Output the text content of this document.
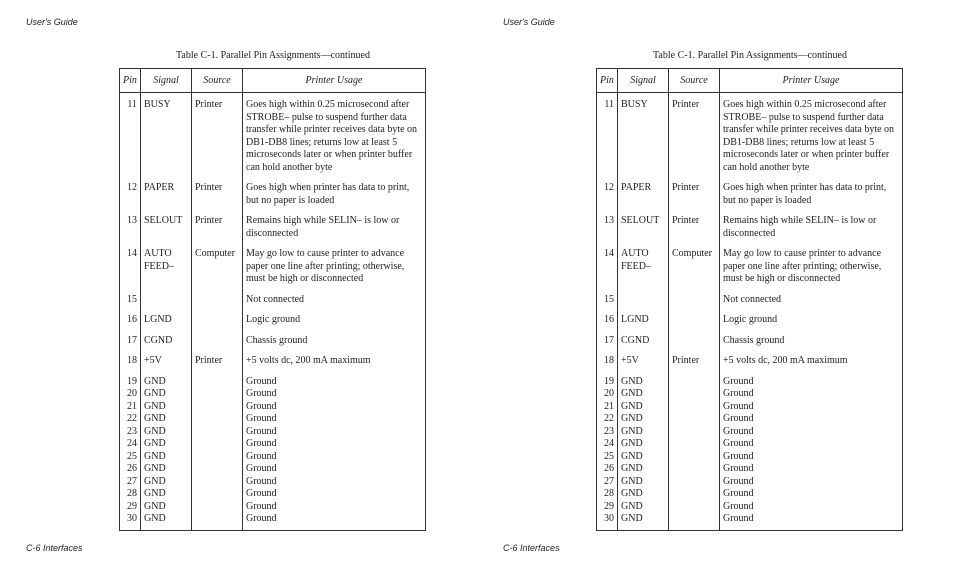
User's Guide
Table C-1. Parallel Pin Assignments—continued
Pin	Signal	Source	Printer Usage
11	BUSY	Printer	Goes high within 0.25 microsecond after STROBE– pulse to suspend further data transfer while printer receives data byte on DB1-DB8 lines; returns low at least 5 microseconds later or when printer buffer can hold another byte
12	PAPER	Printer	Goes high when printer has data to print, but no paper is loaded
13	SELOUT	Printer	Remains high while SELIN– is low or disconnected
14	AUTO FEED–	Computer	May go low to cause printer to advance paper one line after printing; otherwise, must be high or disconnected
15			Not connected
16	LGND		Logic ground
17	CGND		Chassis ground
18	+5V	Printer	+5 volts dc, 200 mA maximum
19	GND		Ground
20	GND		Ground
21	GND		Ground
22	GND		Ground
23	GND		Ground
24	GND		Ground
25	GND		Ground
26	GND		Ground
27	GND		Ground
28	GND		Ground
29	GND		Ground
30	GND		Ground
C-6 Interfaces
User's Guide
Table C-1. Parallel Pin Assignments—continued
Pin	Signal	Source	Printer Usage
11	BUSY	Printer	Goes high within 0.25 microsecond after STROBE– pulse to suspend further data transfer while printer receives data byte on DB1-DB8 lines; returns low at least 5 microseconds later or when printer buffer can hold another byte
12	PAPER	Printer	Goes high when printer has data to print, but no paper is loaded
13	SELOUT	Printer	Remains high while SELIN– is low or disconnected
14	AUTO FEED–	Computer	May go low to cause printer to advance paper one line after printing; otherwise, must be high or disconnected
15			Not connected
16	LGND		Logic ground
17	CGND		Chassis ground
18	+5V	Printer	+5 volts dc, 200 mA maximum
19	GND		Ground
20	GND		Ground
21	GND		Ground
22	GND		Ground
23	GND		Ground
24	GND		Ground
25	GND		Ground
26	GND		Ground
27	GND		Ground
28	GND		Ground
29	GND		Ground
30	GND		Ground
C-6 Interfaces
